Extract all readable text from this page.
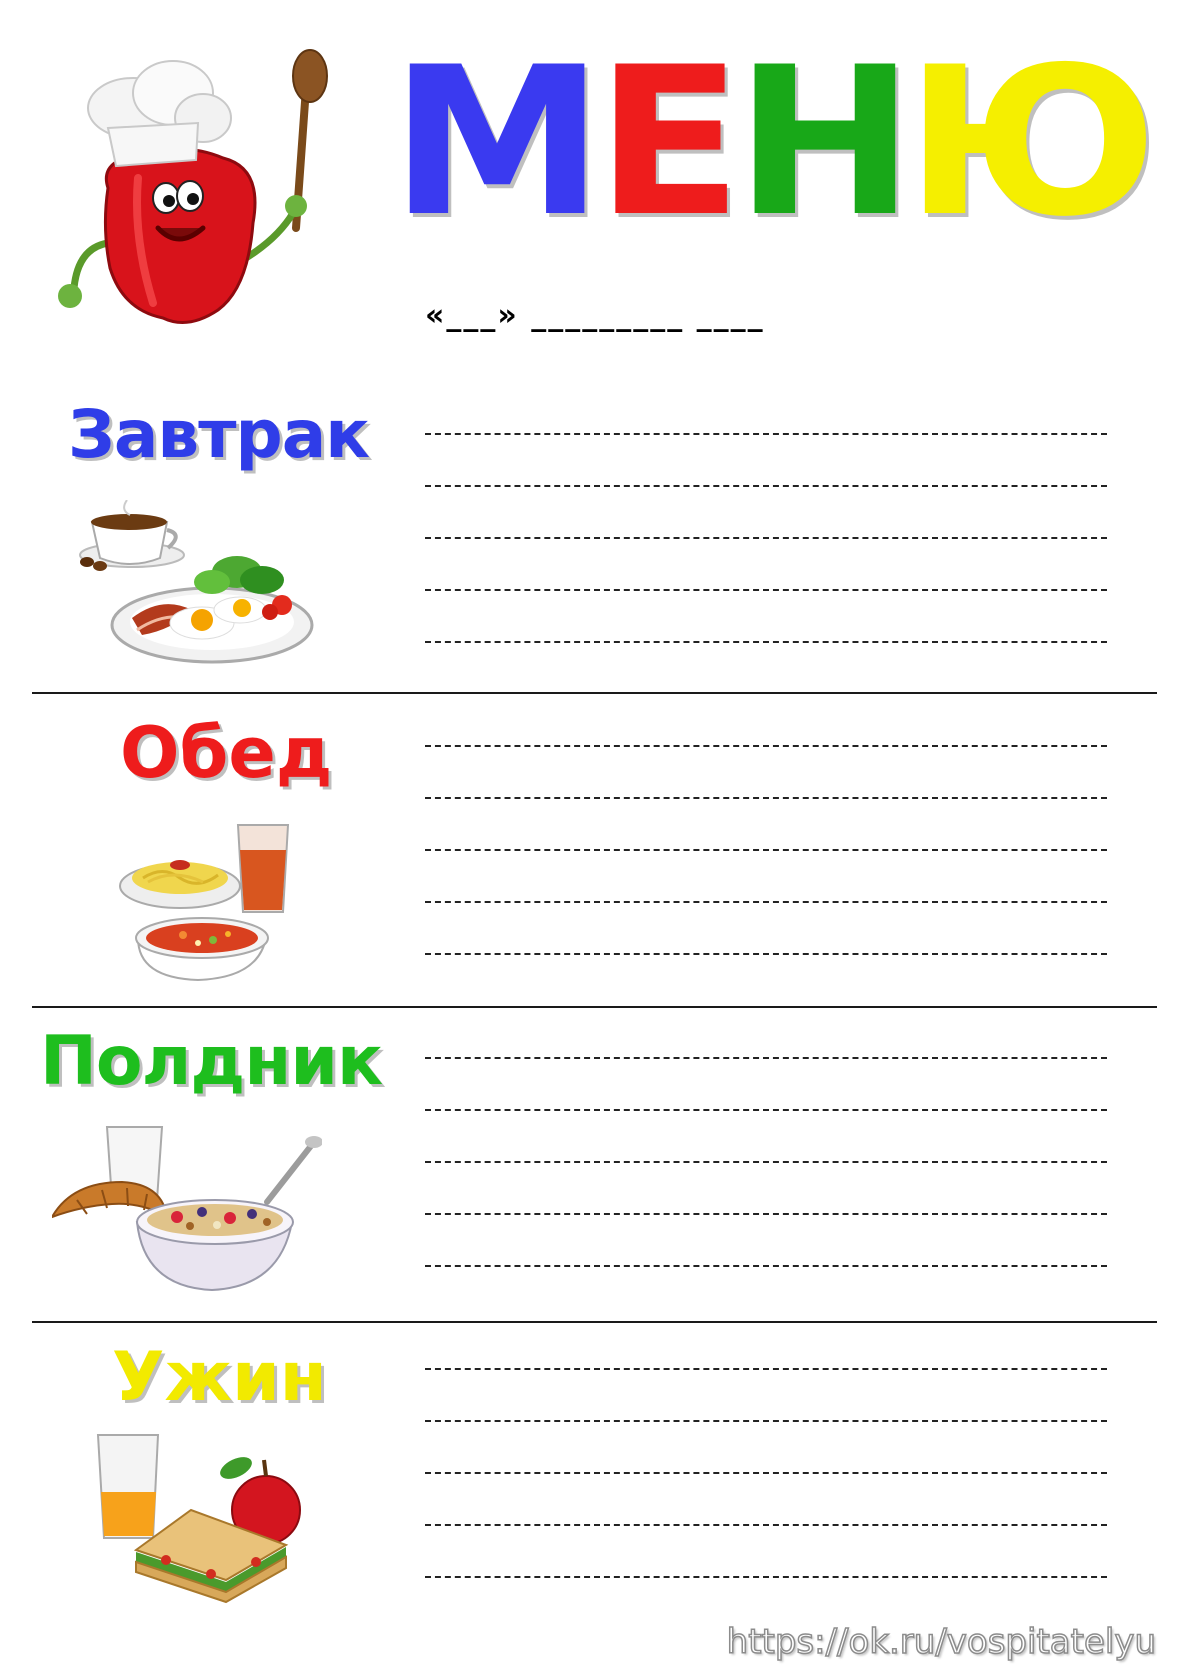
М
Е
Н
Ю
«___» _________ ____
Завтрак
Обед
Полдник
Ужин
https://ok.ru/vospitatelyu
